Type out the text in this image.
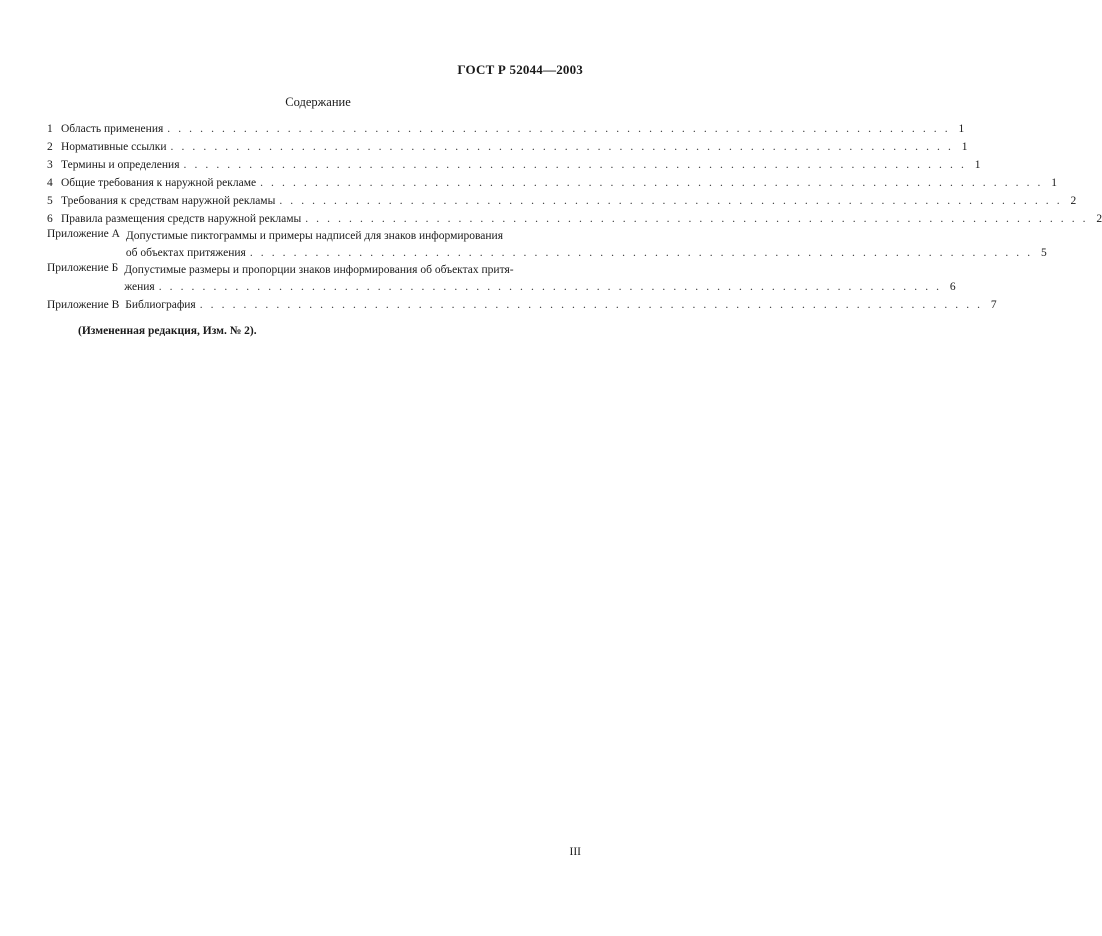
ГОСТ Р 52044—2003
Содержание
1 Область применения . . .	1
2 Нормативные ссылки . . .	1
3 Термины и определения . . .	1
4 Общие требования к наружной рекламе . . .	1
5 Требования к средствам наружной рекламы . . .	2
6 Правила размещения средств наружной рекламы . . .	2
Приложение А Допустимые пиктограммы и примеры надписей для знаков информирования
об объектах притяжения . . .	5
Приложение Б Допустимые размеры и пропорции знаков информирования об объектах притя-
жения . . .	6
Приложение В Библиография . . .	7
(Измененная редакция, Изм. № 2).
III
